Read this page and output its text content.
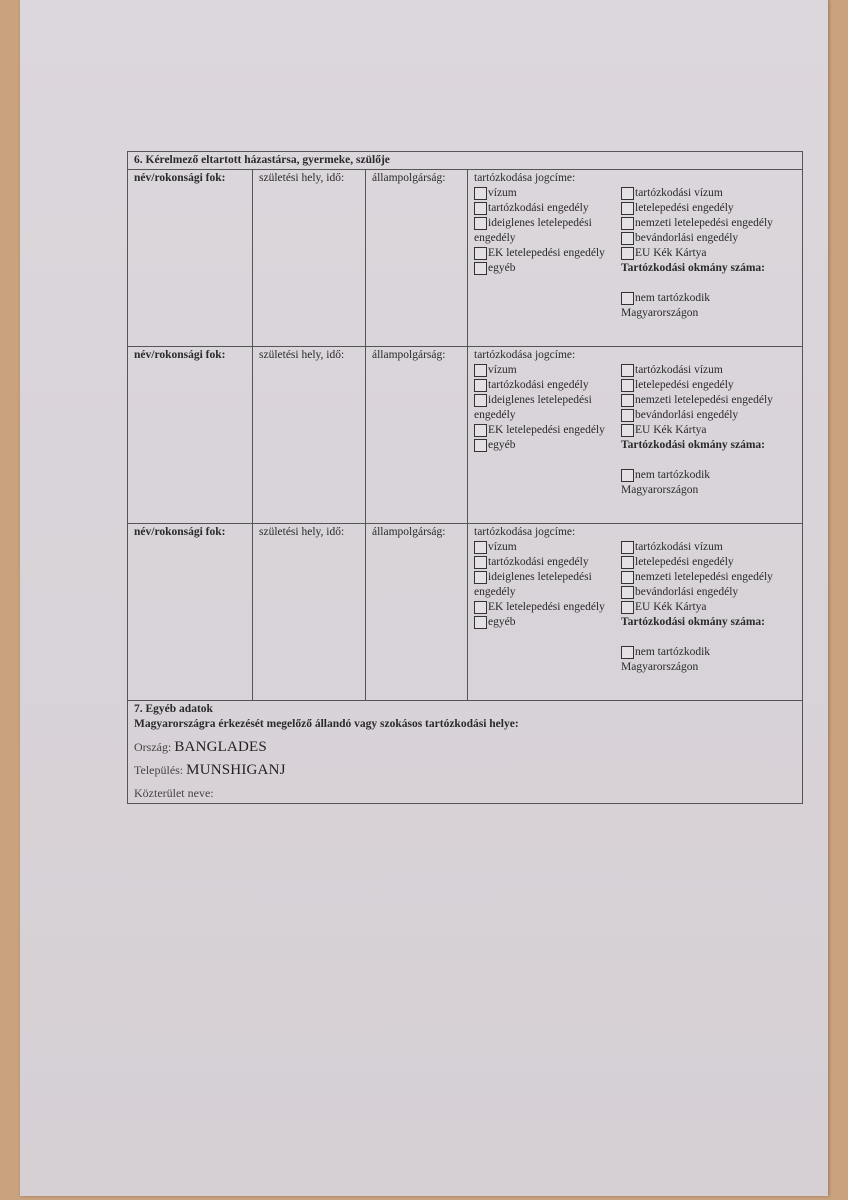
6. Kérelmező eltartott házastársa, gyermeke, szülője
név/rokonsági fok:	születési hely, idő:	állampolgárság:	tartózkodása jogcíme:
vízum
tartózkodási engedély
ideiglenes letelepedési
engedély
EK letelepedési engedély
egyéb
tartózkodási vízum
letelepedési engedély
nemzeti letelepedési engedély
bevándorlási engedély
EU Kék Kártya
Tartózkodási okmány száma:
nem tartózkodik
Magyarországon
név/rokonsági fok:	születési hely, idő:	állampolgárság:	tartózkodása jogcíme:
vízum
tartózkodási engedély
ideiglenes letelepedési
engedély
EK letelepedési engedély
egyéb
tartózkodási vízum
letelepedési engedély
nemzeti letelepedési engedély
bevándorlási engedély
EU Kék Kártya
Tartózkodási okmány száma:
nem tartózkodik
Magyarországon
név/rokonsági fok:	születési hely, idő:	állampolgárság:	tartózkodása jogcíme:
vízum
tartózkodási engedély
ideiglenes letelepedési
engedély
EK letelepedési engedély
egyéb
tartózkodási vízum
letelepedési engedély
nemzeti letelepedési engedély
bevándorlási engedély
EU Kék Kártya
Tartózkodási okmány száma:
nem tartózkodik
Magyarországon
7. Egyéb adatok
Magyarországra érkezését megelőző állandó vagy szokásos tartózkodási helye:
Ország: BANGLADES
Település: MUNSHIGANJ
Közterület neve:
